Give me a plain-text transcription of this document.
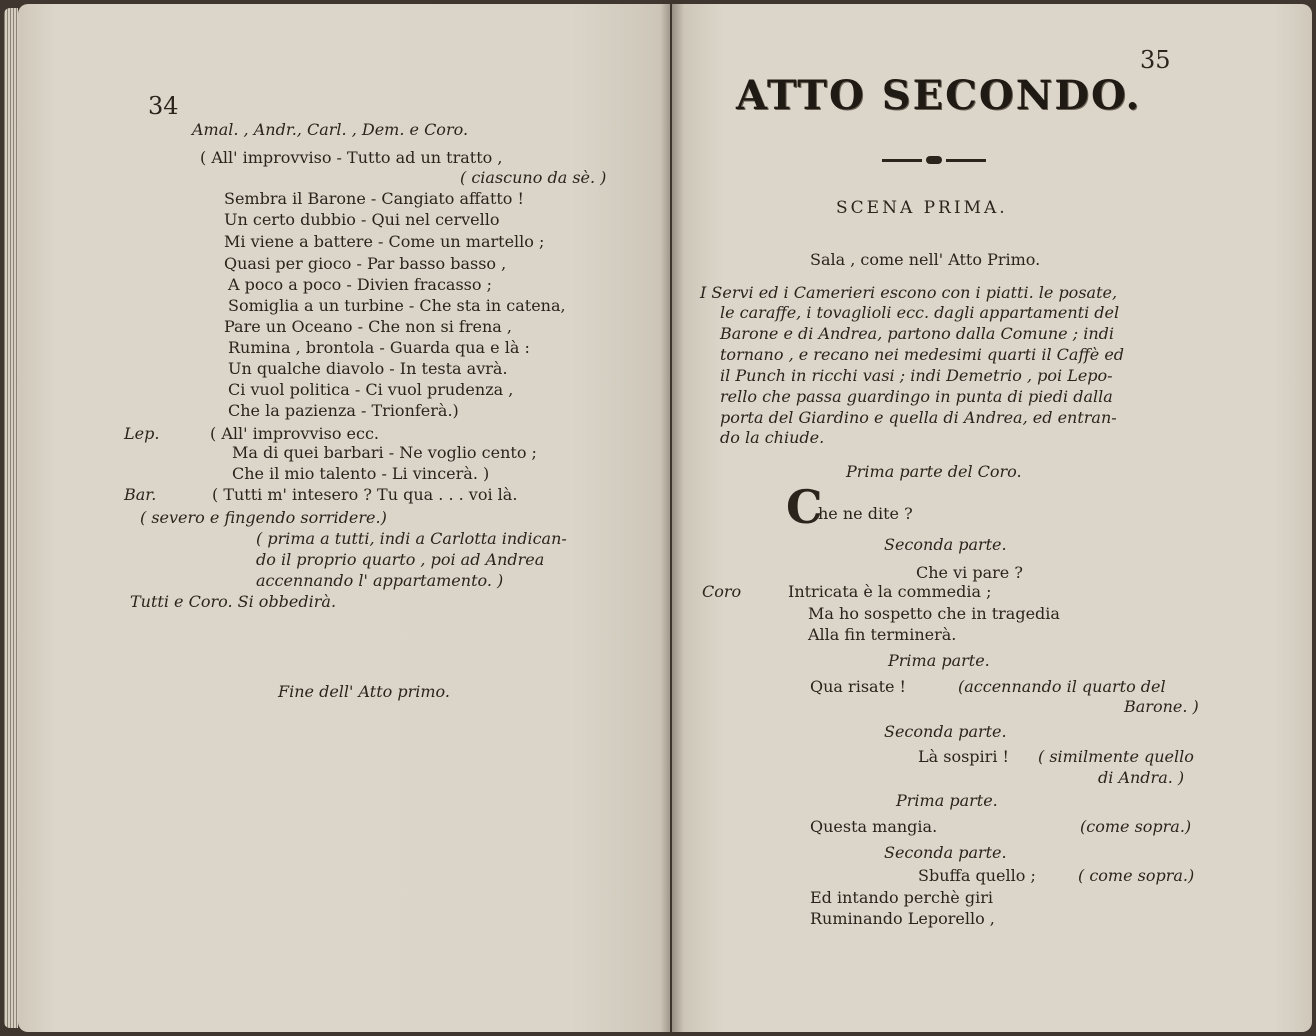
34
Amal. , Andr., Carl. , Dem. e Coro.
( All' improvviso - Tutto ad un tratto ,
( ciascuno da sè. )
Sembra il Barone - Cangiato affatto !
Un certo dubbio - Qui nel cervello
Mi viene a battere - Come un martello ;
Quasi per gioco - Par basso basso ,
A poco a poco - Divien fracasso ;
Somiglia a un turbine - Che sta in catena,
Pare un Oceano - Che non si frena ,
Rumina , brontola - Guarda qua e là :
Un qualche diavolo - In testa avrà.
Ci vuol politica - Ci vuol prudenza ,
Che la pazienza - Trionferà.)
Lep.	( All' improvviso ecc.
Ma di quei barbari - Ne voglio cento ;
Che il mio talento - Li vincerà. )
Bar.	( Tutti m' intesero ? Tu qua . . . voi là.
( severo e fingendo sorridere.)
( prima a tutti, indi a Carlotta indican-
do il proprio quarto , poi ad Andrea
accennando l' appartamento. )
Tutti e Coro. Si obbedirà.
Fine dell' Atto primo.
35
ATTO SECONDO.
SCENA PRIMA.
Sala , come nell' Atto Primo.
I Servi ed i Camerieri escono con i piatti. le posate,
le caraffe, i tovaglioli ecc. dagli appartamenti del
Barone e di Andrea, partono dalla Comune ; indi
tornano , e recano nei medesimi quarti il Caffè ed
il Punch in ricchi vasi ; indi Demetrio , poi Lepo-
rello che passa guardingo in punta di piedi dalla
porta del Giardino e quella di Andrea, ed entran-
do la chiude.
Prima parte del Coro.
C
he ne dite ?
Seconda parte.
Che vi pare ?
Coro	Intricata è la commedia ;
Ma ho sospetto che in tragedia
Alla fin terminerà.
Prima parte.
Qua risate !	(accennando il quarto del
Barone. )
Seconda parte.
Là sospiri ! ( similmente quello
di Andra. )
Prima parte.
Questa mangia.	(come sopra.)
Seconda parte.
Sbuffa quello ;	( come sopra.)
Ed intando perchè giri
Ruminando Leporello ,
